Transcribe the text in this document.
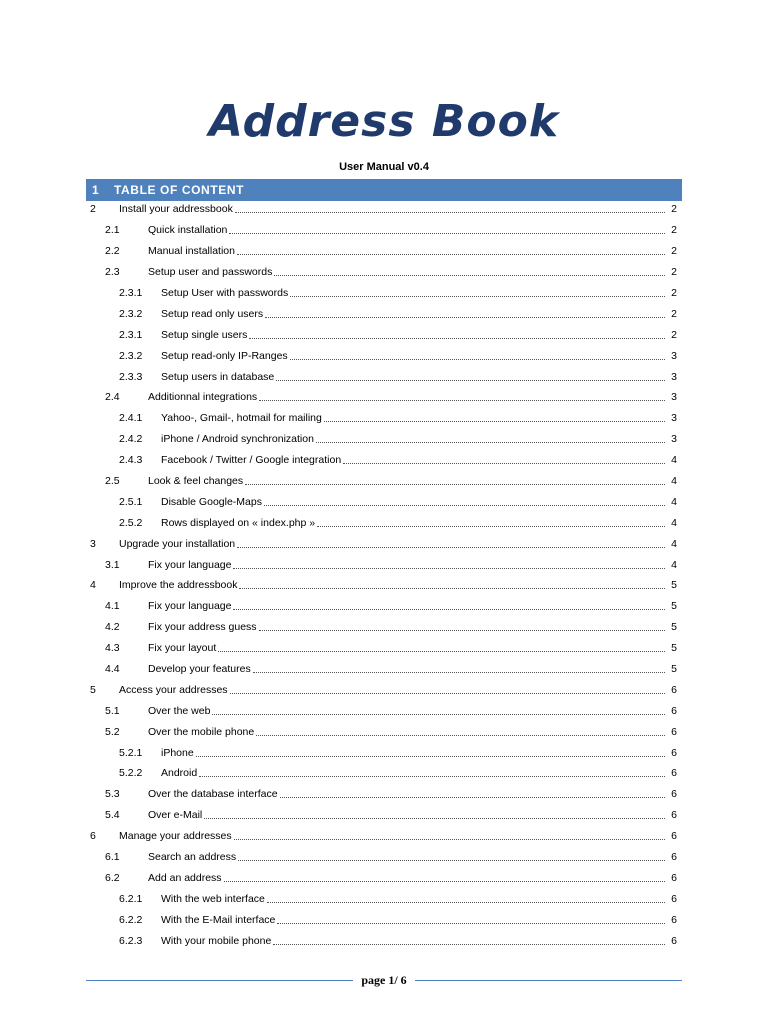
Address Book
User Manual v0.4
1	TABLE OF CONTENT
2	Install your addressbook	2
2.1	Quick installation	2
2.2	Manual installation	2
2.3	Setup user and passwords	2
2.3.1	Setup User with passwords	2
2.3.2	Setup read only users	2
2.3.1	Setup single users	2
2.3.2	Setup read-only IP-Ranges	3
2.3.3	Setup users in database	3
2.4	Additionnal integrations	3
2.4.1	Yahoo-, Gmail-, hotmail for mailing	3
2.4.2	iPhone / Android synchronization	3
2.4.3	Facebook / Twitter / Google integration	4
2.5	Look & feel changes	4
2.5.1	Disable Google-Maps	4
2.5.2	Rows displayed on « index.php »	4
3	Upgrade your installation	4
3.1	Fix your language	4
4	Improve the addressbook	5
4.1	Fix your language	5
4.2	Fix your address guess	5
4.3	Fix your layout	5
4.4	Develop your features	5
5	Access your addresses	6
5.1	Over the web	6
5.2	Over the mobile phone	6
5.2.1	iPhone	6
5.2.2	Android	6
5.3	Over the database interface	6
5.4	Over e-Mail	6
6	Manage your addresses	6
6.1	Search an address	6
6.2	Add an address	6
6.2.1	With the web interface	6
6.2.2	With the E-Mail interface	6
6.2.3	With your mobile phone	6
page 1/ 6
